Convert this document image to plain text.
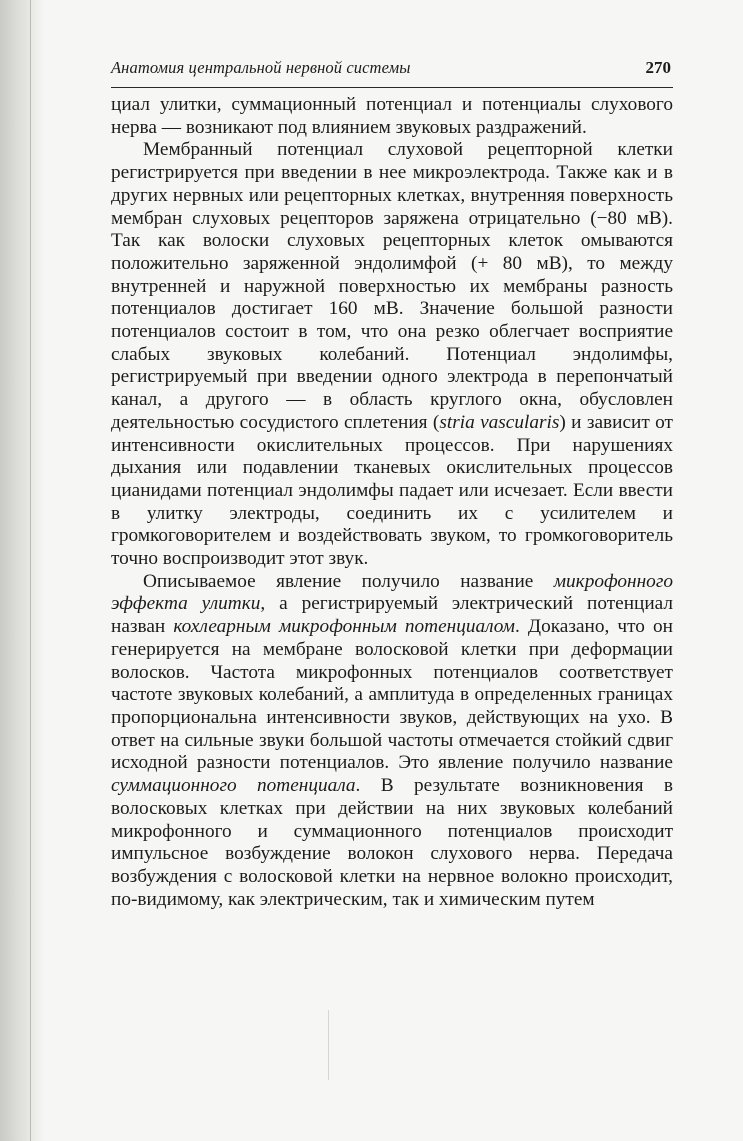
Анатомия центральной нервной системы	270

циал улитки, суммационный потенциал и потенциалы слухового нерва — возникают под влиянием звуковых раздражений.

Мембранный потенциал слуховой рецепторной клетки регистрируется при введении в нее микроэлектрода. Также как и в других нервных или рецепторных клетках, внутренняя поверхность мембран слуховых рецепторов заряжена отрицательно (−80 мВ). Так как волоски слуховых рецепторных клеток омываются положительно заряженной эндолимфой (+ 80 мВ), то между внутренней и наружной поверхностью их мембраны разность потенциалов достигает 160 мВ. Значение большой разности потенциалов состоит в том, что она резко облегчает восприятие слабых звуковых колебаний. Потенциал эндолимфы, регистрируемый при введении одного электрода в перепончатый канал, а другого — в область круглого окна, обусловлен деятельностью сосудистого сплетения (stria vascularis) и зависит от интенсивности окислительных процессов. При нарушениях дыхания или подавлении тканевых окислительных процессов цианидами потенциал эндолимфы падает или исчезает. Если ввести в улитку электроды, соединить их с усилителем и громкоговорителем и воздействовать звуком, то громкоговоритель точно воспроизводит этот звук.

Описываемое явление получило название микрофонного эффекта улитки, а регистрируемый электрический потенциал назван кохлеарным микрофонным потенциалом. Доказано, что он генерируется на мембране волосковой клетки при деформации волосков. Частота микрофонных потенциалов соответствует частоте звуковых колебаний, а амплитуда в определенных границах пропорциональна интенсивности звуков, действующих на ухо. В ответ на сильные звуки большой частоты отмечается стойкий сдвиг исходной разности потенциалов. Это явление получило название суммационного потенциала. В результате возникновения в волосковых клетках при действии на них звуковых колебаний микрофонного и суммационного потенциалов происходит импульсное возбуждение волокон слухового нерва. Передача возбуждения с волосковой клетки на нервное волокно происходит, по-видимому, как электрическим, так и химическим путем
